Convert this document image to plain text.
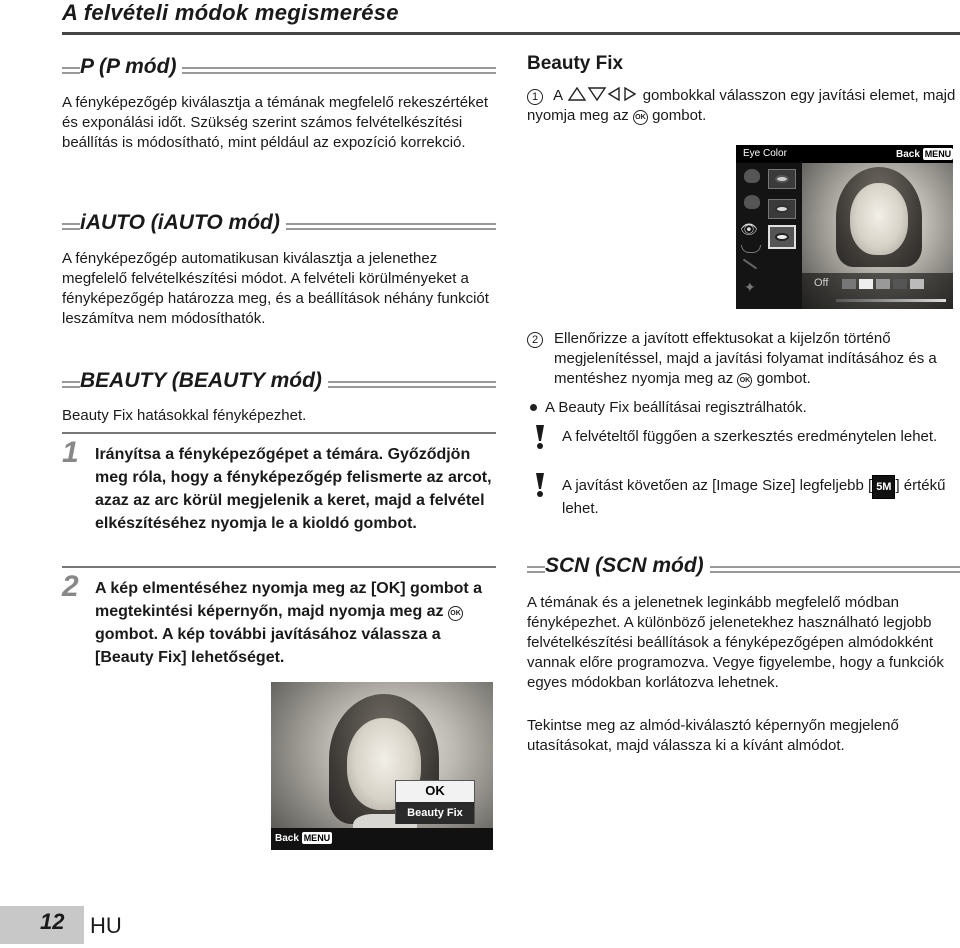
A felvételi módok megismerése
P (P mód)
A fényképezőgép kiválasztja a témának megfelelő rekeszértéket és exponálási időt. Szükség szerint számos felvételkészítési beállítás is módosítható, mint például az expozíció korrekció.
iAUTO (iAUTO mód)
A fényképezőgép automatikusan kiválasztja a jelenethez megfelelő felvételkészítési módot. A felvételi körülményeket a fényképezőgép határozza meg, és a beállítások néhány funkciót leszámítva nem módosíthatók.
BEAUTY (BEAUTY mód)
Beauty Fix hatásokkal fényképezhet.
1 Irányítsa a fényképezőgépet a témára. Győződjön meg róla, hogy a fényképezőgép felismerte az arcot, azaz az arc körül megjelenik a keret, majd a felvétel elkészítéséhez nyomja le a kioldó gombot.
2 A kép elmentéséhez nyomja meg az [OK] gombot a megtekintési képernyőn, majd nyomja meg az OK gombot. A kép további javításához válassza a [Beauty Fix] lehetőséget.
OK
Beauty Fix
Back MENU
Beauty Fix
1 A	gombokkal válasszon egy javítási elemet, majd nyomja meg az OK gombot.
Eye Color	Back MENU
👁
✦	Off
2	Ellenőrizze a javított effektusokat a kijelzőn történő megjelenítéssel, majd a javítási folyamat indításához és a mentéshez nyomja meg az OK gombot.
A Beauty Fix beállításai regisztrálhatók.
A felvételtől függően a szerkesztés eredménytelen lehet.
A javítást követően az [Image Size] legfeljebb [ 5M ] értékű lehet.
SCN (SCN mód)
A témának és a jelenetnek leginkább megfelelő módban fényképezhet. A különböző jelenetekhez használható legjobb felvételkészítési beállítások a fényképezőgépen almódokként vannak előre programozva. Vegye figyelembe, hogy a funkciók egyes módokban korlátozva lehetnek.
Tekintse meg az almód-kiválasztó képernyőn megjelenő utasításokat, majd válassza ki a kívánt almódot.
12 HU
